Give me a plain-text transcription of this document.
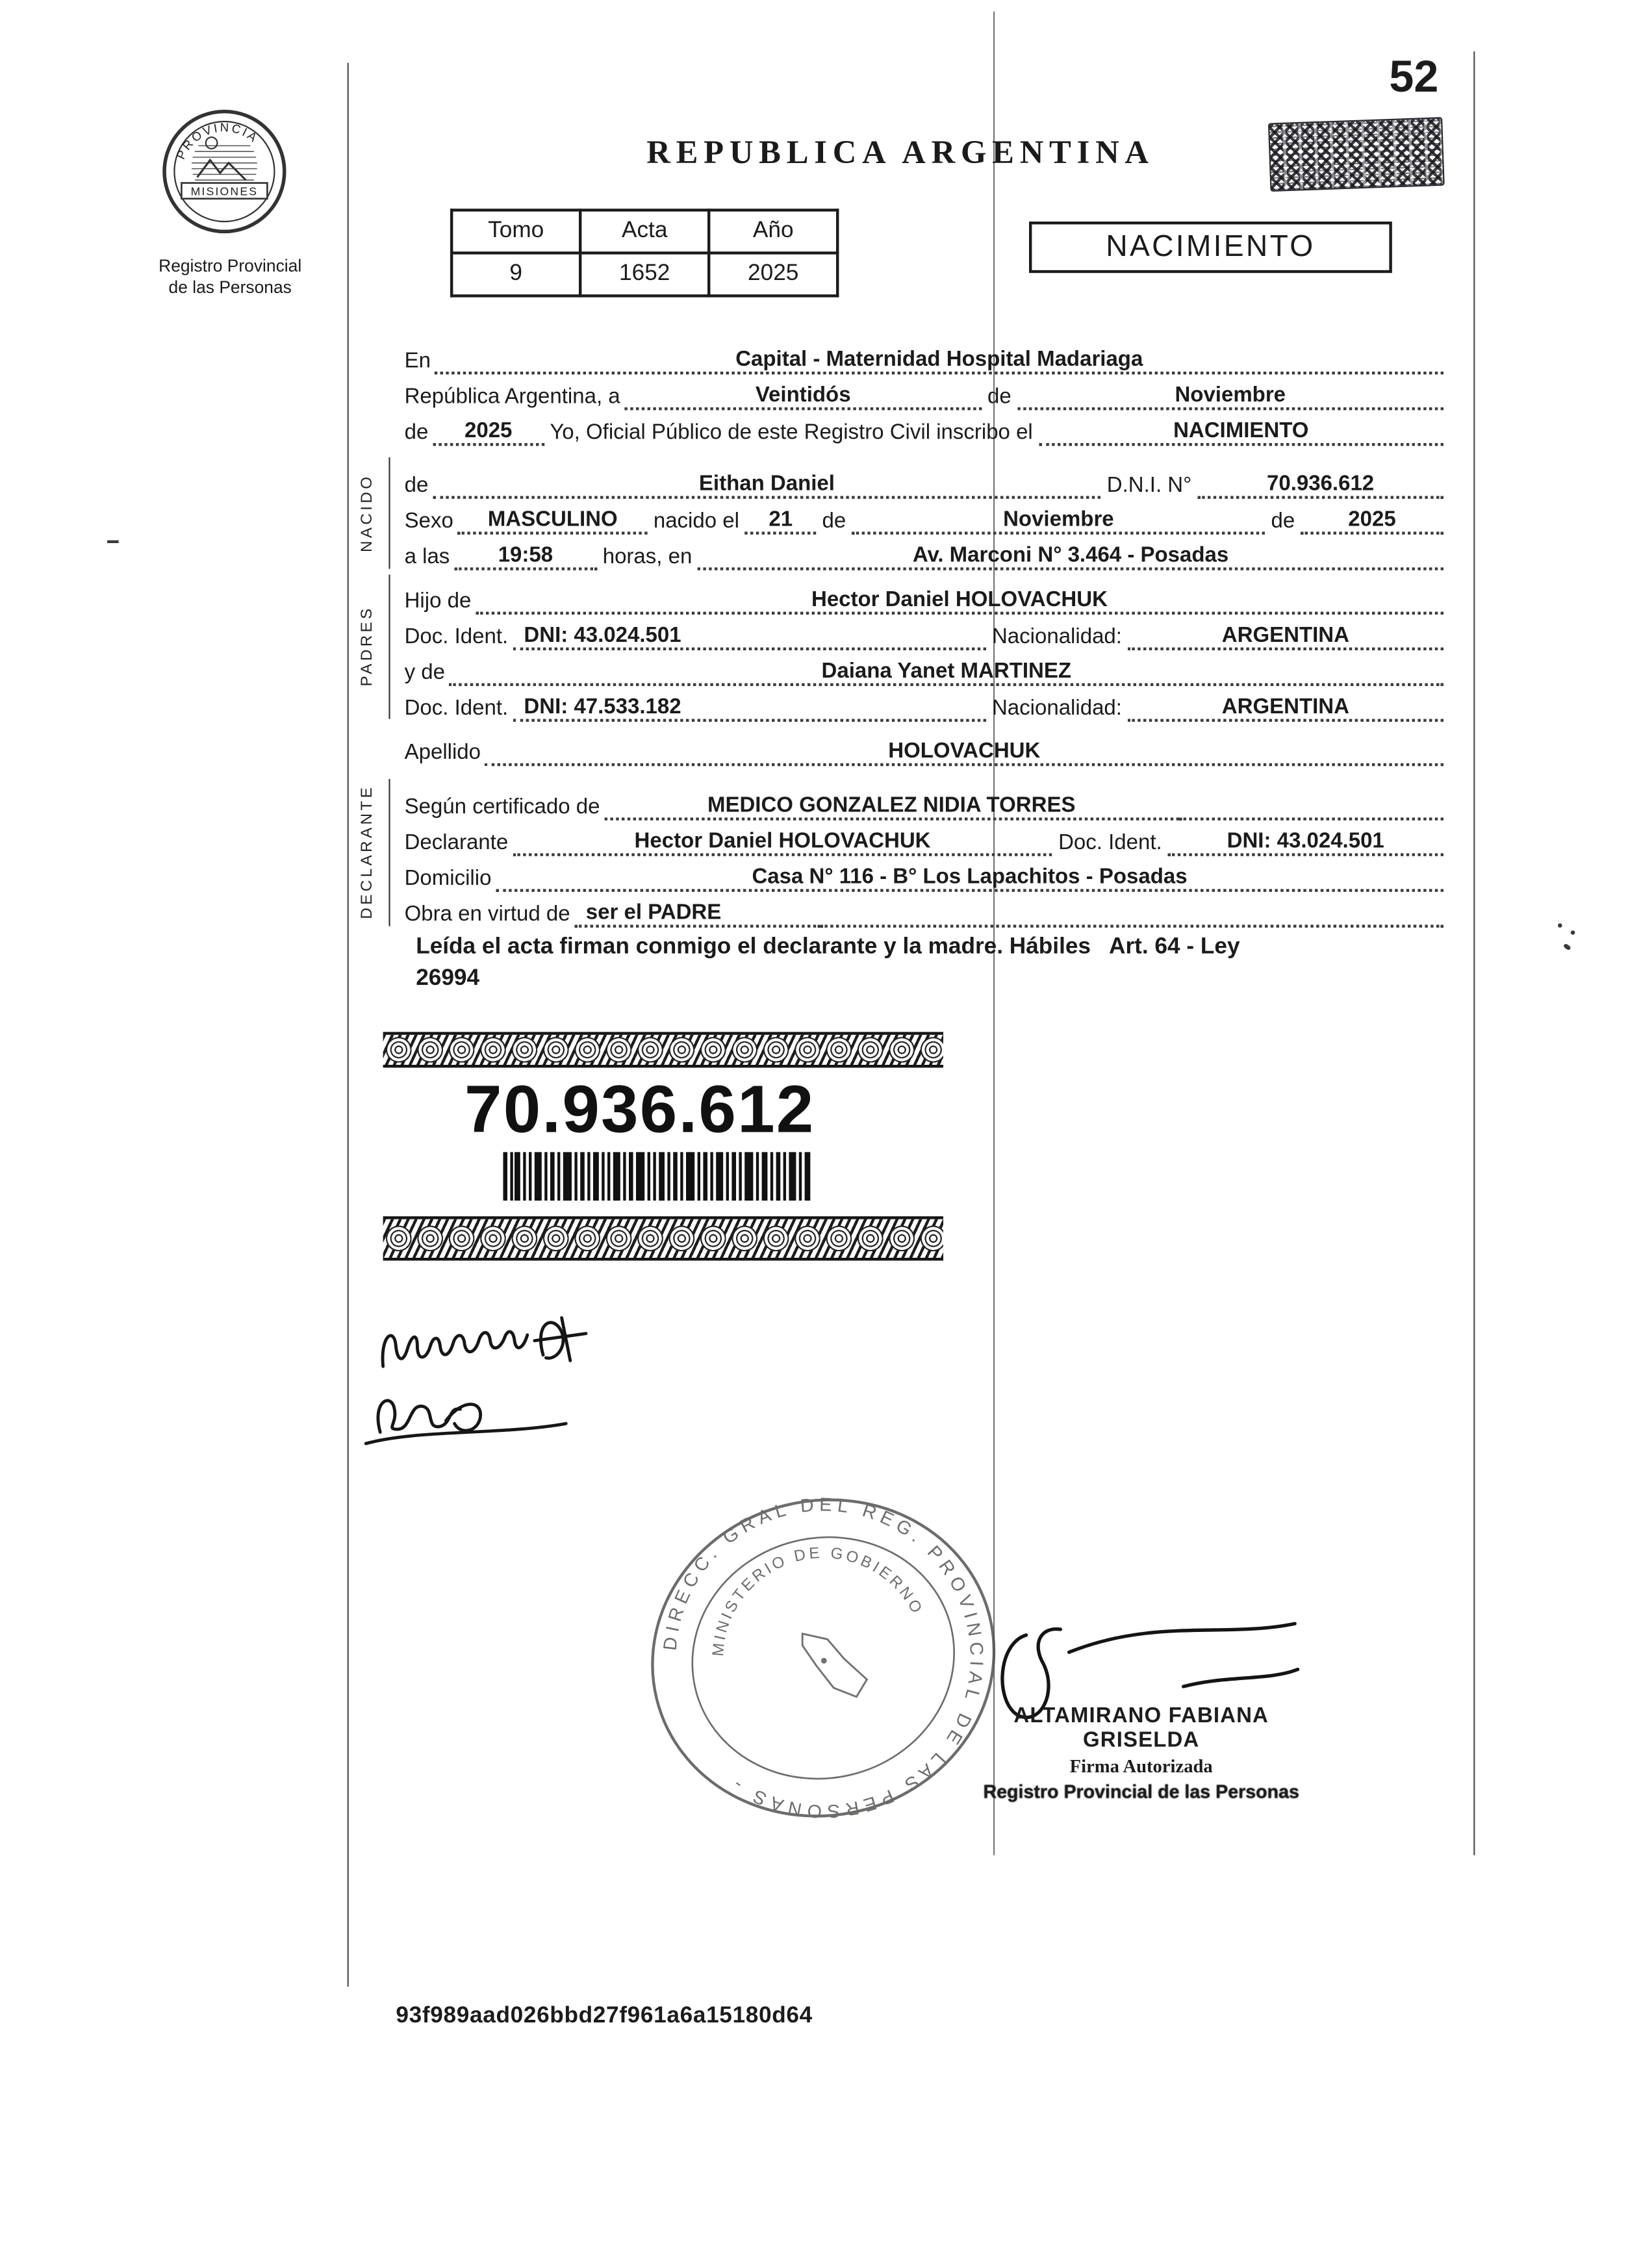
PROVINCIA
MISIONES
Registro Provincial
de las Personas
REPUBLICA ARGENTINA
52
Tomo	Acta	Año
9	1652	2025
NACIMIENTO
NACIDO
PADRES
DECLARANTE
En	Capital - Maternidad Hospital Madariaga
República Argentina, a	Veintidós	de	Noviembre
de	2025	Yo, Oficial Público de este Registro Civil inscribo el	NACIMIENTO
de	Eithan Daniel	D.N.I. N°	70.936.612
Sexo	MASCULINO	nacido el	21	de	Noviembre	de	2025
a las	19:58	horas, en	Av. Marconi N° 3.464 - Posadas
Hijo de	Hector Daniel HOLOVACHUK
Doc. Ident.	DNI: 43.024.501	Nacionalidad:	ARGENTINA
y de	Daiana Yanet MARTINEZ
Doc. Ident.	DNI: 47.533.182	Nacionalidad:	ARGENTINA
Apellido	HOLOVACHUK
Según certificado de	MEDICO GONZALEZ NIDIA TORRES
Declarante	Hector Daniel HOLOVACHUK	Doc. Ident.	DNI: 43.024.501
Domicilio	Casa N° 116 - B° Los Lapachitos - Posadas
Obra en virtud de	ser el PADRE
Leída el acta firman conmigo el declarante y la madre. Hábiles   Art. 64 - Ley
26994
70.936.612
DIRECC. GRAL DEL REG. PROVINCIAL DE LAS PERSONAS -
MINISTERIO DE GOBIERNO
ALTAMIRANO FABIANA GRISELDA
Firma Autorizada
Registro Provincial de las Personas
93f989aad026bbd27f961a6a15180d64
